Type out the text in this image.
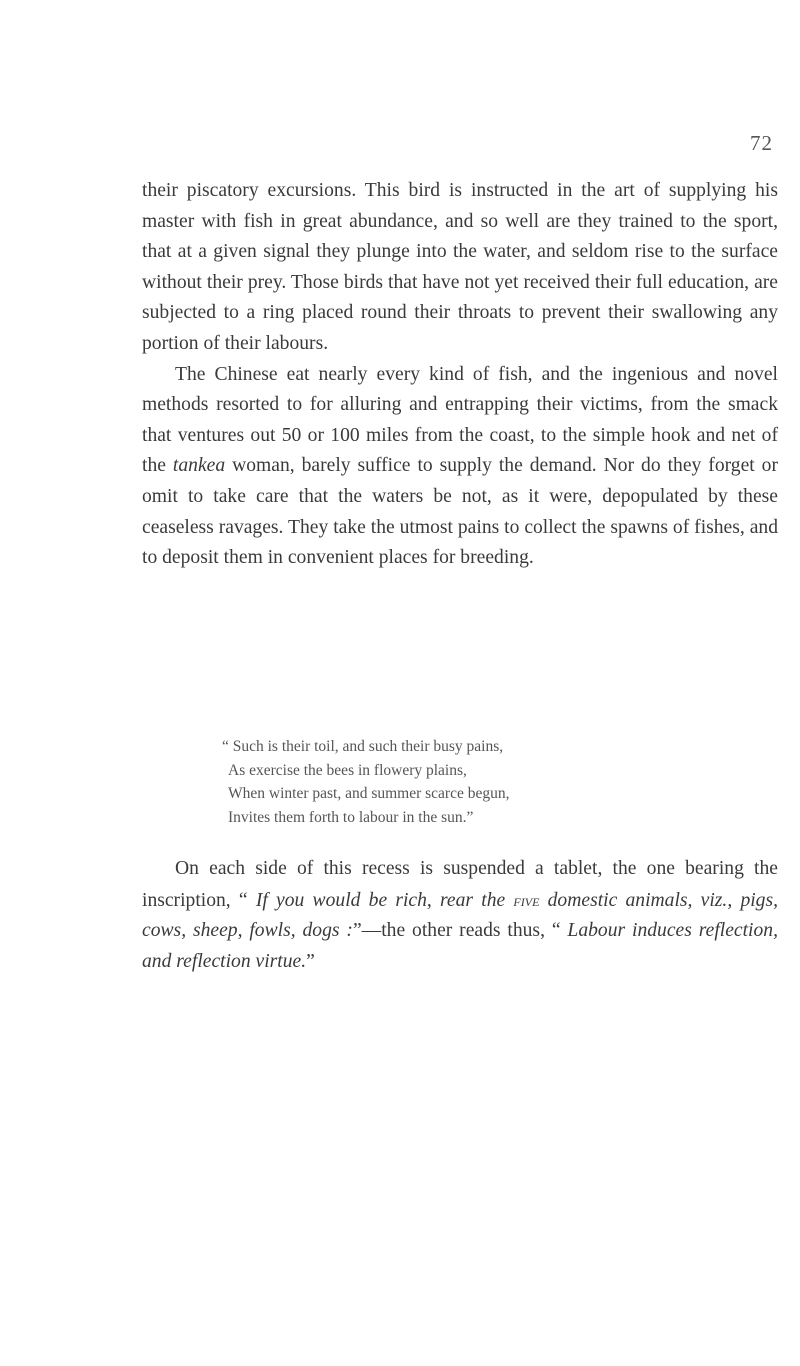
72

their piscatory excursions. This bird is instructed in the art of supplying his master with fish in great abundance, and so well are they trained to the sport, that at a given signal they plunge into the water, and seldom rise to the surface without their prey. Those birds that have not yet received their full education, are subjected to a ring placed round their throats to prevent their swallowing any portion of their labours.

The Chinese eat nearly every kind of fish, and the ingenious and novel methods resorted to for alluring and entrapping their victims, from the smack that ventures out 50 or 100 miles from the coast, to the simple hook and net of the tankea woman, barely suffice to supply the demand. Nor do they forget or omit to take care that the waters be not, as it were, depopulated by these ceaseless ravages. They take the utmost pains to collect the spawns of fishes, and to deposit them in convenient places for breeding.

“ Such is their toil, and such their busy pains,
As exercise the bees in flowery plains,
When winter past, and summer scarce begun,
Invites them forth to labour in the sun.”

On each side of this recess is suspended a tablet, the one bearing the inscription, “ If you would be rich, rear the five domestic animals, viz., pigs, cows, sheep, fowls, dogs :”—the other reads thus, “ Labour induces reflection, and reflection virtue.”
